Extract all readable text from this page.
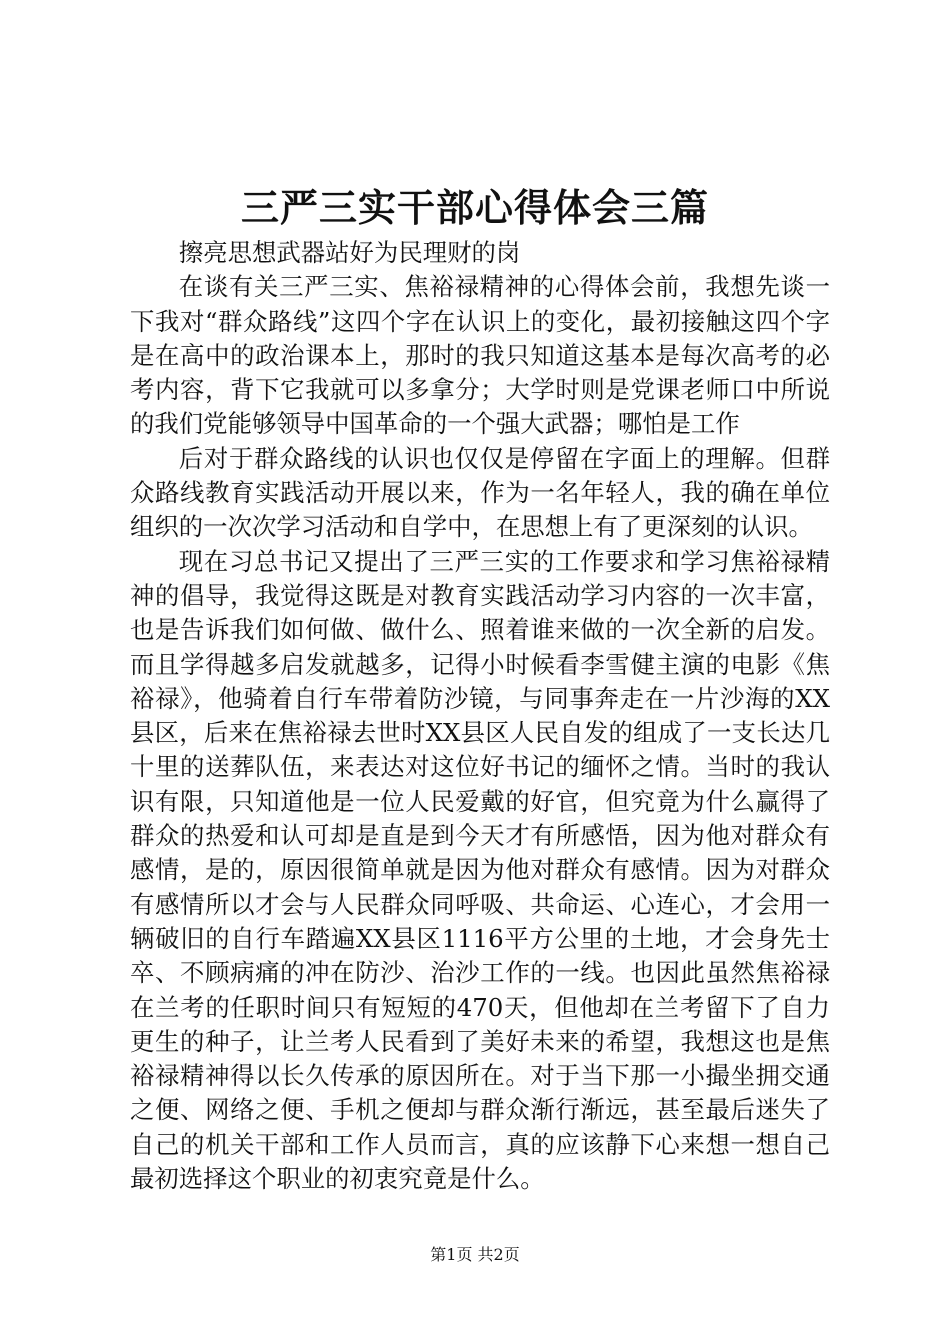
三严三实干部心得体会三篇

擦亮思想武器站好为民理财的岗

在谈有关三严三实、焦裕禄精神的心得体会前，我想先谈一下我对“群众路线”这四个字在认识上的变化，最初接触这四个字是在高中的政治课本上，那时的我只知道这基本是每次高考的必考内容，背下它我就可以多拿分；大学时则是党课老师口中所说的我们党能够领导中国革命的一个强大武器；哪怕是工作

后对于群众路线的认识也仅仅是停留在字面上的理解。但群众路线教育实践活动开展以来，作为一名年轻人，我的确在单位组织的一次次学习活动和自学中，在思想上有了更深刻的认识。

现在习总书记又提出了三严三实的工作要求和学习焦裕禄精神的倡导，我觉得这既是对教育实践活动学习内容的一次丰富，也是告诉我们如何做、做什么、照着谁来做的一次全新的启发。而且学得越多启发就越多，记得小时候看李雪健主演的电影《焦裕禄》，他骑着自行车带着防沙镜，与同事奔走在一片沙海的XX县区，后来在焦裕禄去世时XX县区人民自发的组成了一支长达几十里的送葬队伍，来表达对这位好书记的缅怀之情。当时的我认识有限，只知道他是一位人民爱戴的好官，但究竟为什么赢得了群众的热爱和认可却是直是到今天才有所感悟，因为他对群众有感情，是的，原因很简单就是因为他对群众有感情。因为对群众有感情所以才会与人民群众同呼吸、共命运、心连心，才会用一辆破旧的自行车踏遍XX县区1116平方公里的土地，才会身先士卒、不顾病痛的冲在防沙、治沙工作的一线。也因此虽然焦裕禄在兰考的任职时间只有短短的470天，但他却在兰考留下了自力更生的种子，让兰考人民看到了美好未来的希望，我想这也是焦裕禄精神得以长久传承的原因所在。对于当下那一小撮坐拥交通之便、网络之便、手机之便却与群众渐行渐远，甚至最后迷失了自己的机关干部和工作人员而言，真的应该静下心来想一想自己最初选择这个职业的初衷究竟是什么。

第1页 共2页
